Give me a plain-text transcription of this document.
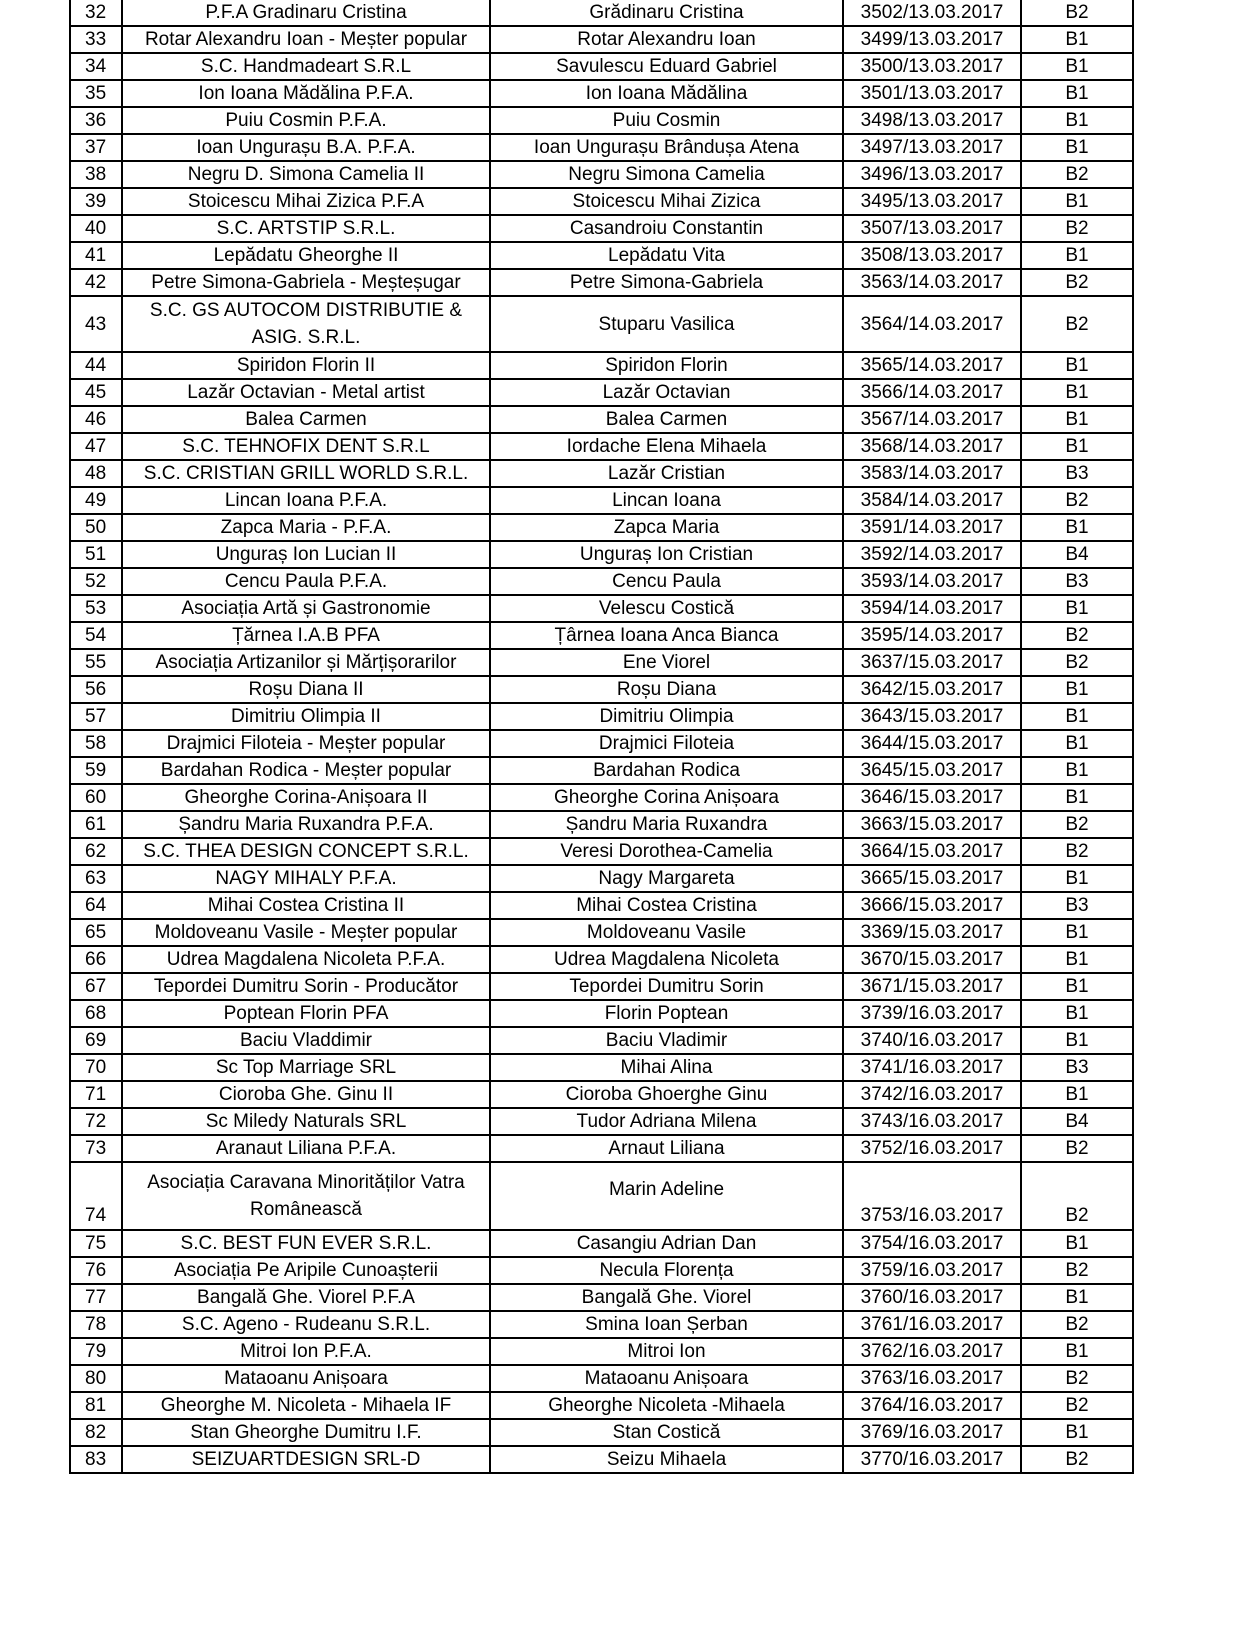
32	P.F.A Gradinaru Cristina	Grădinaru Cristina	3502/13.03.2017	B2
33	Rotar Alexandru Ioan - Meșter popular	Rotar Alexandru Ioan	3499/13.03.2017	B1
34	S.C. Handmadeart S.R.L	Savulescu Eduard Gabriel	3500/13.03.2017	B1
35	Ion Ioana Mădălina P.F.A.	Ion Ioana Mădălina	3501/13.03.2017	B1
36	Puiu Cosmin P.F.A.	Puiu Cosmin	3498/13.03.2017	B1
37	Ioan Ungurașu B.A. P.F.A.	Ioan Ungurașu Brândușa Atena	3497/13.03.2017	B1
38	Negru D. Simona Camelia II	Negru Simona Camelia	3496/13.03.2017	B2
39	Stoicescu Mihai Zizica P.F.A	Stoicescu Mihai Zizica	3495/13.03.2017	B1
40	S.C. ARTSTIP S.R.L.	Casandroiu Constantin	3507/13.03.2017	B2
41	Lepădatu Gheorghe II	Lepădatu Vita	3508/13.03.2017	B1
42	Petre Simona-Gabriela - Meșteșugar	Petre Simona-Gabriela	3563/14.03.2017	B2
43	S.C. GS AUTOCOM DISTRIBUTIE & ASIG. S.R.L.	Stuparu Vasilica	3564/14.03.2017	B2
44	Spiridon Florin II	Spiridon Florin	3565/14.03.2017	B1
45	Lazăr Octavian - Metal artist	Lazăr Octavian	3566/14.03.2017	B1
46	Balea Carmen	Balea Carmen	3567/14.03.2017	B1
47	S.C. TEHNOFIX DENT S.R.L	Iordache Elena Mihaela	3568/14.03.2017	B1
48	S.C. CRISTIAN GRILL WORLD S.R.L.	Lazăr Cristian	3583/14.03.2017	B3
49	Lincan Ioana P.F.A.	Lincan Ioana	3584/14.03.2017	B2
50	Zapca Maria - P.F.A.	Zapca Maria	3591/14.03.2017	B1
51	Unguraș Ion Lucian II	Unguraș Ion Cristian	3592/14.03.2017	B4
52	Cencu Paula P.F.A.	Cencu Paula	3593/14.03.2017	B3
53	Asociația Artă și Gastronomie	Velescu Costică	3594/14.03.2017	B1
54	Țărnea I.A.B PFA	Țârnea Ioana Anca Bianca	3595/14.03.2017	B2
55	Asociația Artizanilor și Mărțișorarilor	Ene Viorel	3637/15.03.2017	B2
56	Roșu Diana II	Roșu Diana	3642/15.03.2017	B1
57	Dimitriu Olimpia II	Dimitriu Olimpia	3643/15.03.2017	B1
58	Drajmici Filoteia - Meșter popular	Drajmici Filoteia	3644/15.03.2017	B1
59	Bardahan Rodica - Meșter popular	Bardahan Rodica	3645/15.03.2017	B1
60	Gheorghe Corina-Anișoara II	Gheorghe Corina Anișoara	3646/15.03.2017	B1
61	Șandru Maria Ruxandra P.F.A.	Șandru Maria Ruxandra	3663/15.03.2017	B2
62	S.C. THEA DESIGN CONCEPT S.R.L.	Veresi Dorothea-Camelia	3664/15.03.2017	B2
63	NAGY MIHALY P.F.A.	Nagy Margareta	3665/15.03.2017	B1
64	Mihai Costea Cristina II	Mihai Costea Cristina	3666/15.03.2017	B3
65	Moldoveanu Vasile - Meșter popular	Moldoveanu Vasile	3369/15.03.2017	B1
66	Udrea Magdalena Nicoleta P.F.A.	Udrea Magdalena Nicoleta	3670/15.03.2017	B1
67	Tepordei Dumitru Sorin - Producător	Tepordei Dumitru Sorin	3671/15.03.2017	B1
68	Poptean Florin PFA	Florin Poptean	3739/16.03.2017	B1
69	Baciu Vladdimir	Baciu Vladimir	3740/16.03.2017	B1
70	Sc Top Marriage SRL	Mihai Alina	3741/16.03.2017	B3
71	Cioroba Ghe. Ginu II	Cioroba Ghoerghe Ginu	3742/16.03.2017	B1
72	Sc Miledy Naturals SRL	Tudor Adriana Milena	3743/16.03.2017	B4
73	Aranaut Liliana P.F.A.	Arnaut Liliana	3752/16.03.2017	B2
74	Asociația Caravana Minorităților Vatra Românească	Marin Adeline	3753/16.03.2017	B2
75	S.C. BEST FUN EVER S.R.L.	Casangiu Adrian Dan	3754/16.03.2017	B1
76	Asociația Pe Aripile Cunoașterii	Necula Florența	3759/16.03.2017	B2
77	Bangală Ghe. Viorel P.F.A	Bangală Ghe. Viorel	3760/16.03.2017	B1
78	S.C. Ageno - Rudeanu S.R.L.	Smina Ioan Șerban	3761/16.03.2017	B2
79	Mitroi Ion P.F.A.	Mitroi Ion	3762/16.03.2017	B1
80	Mataoanu Anișoara	Mataoanu Anișoara	3763/16.03.2017	B2
81	Gheorghe M. Nicoleta - Mihaela IF	Gheorghe Nicoleta -Mihaela	3764/16.03.2017	B2
82	Stan Gheorghe Dumitru I.F.	Stan Costică	3769/16.03.2017	B1
83	SEIZUARTDESIGN SRL-D	Seizu Mihaela	3770/16.03.2017	B2
